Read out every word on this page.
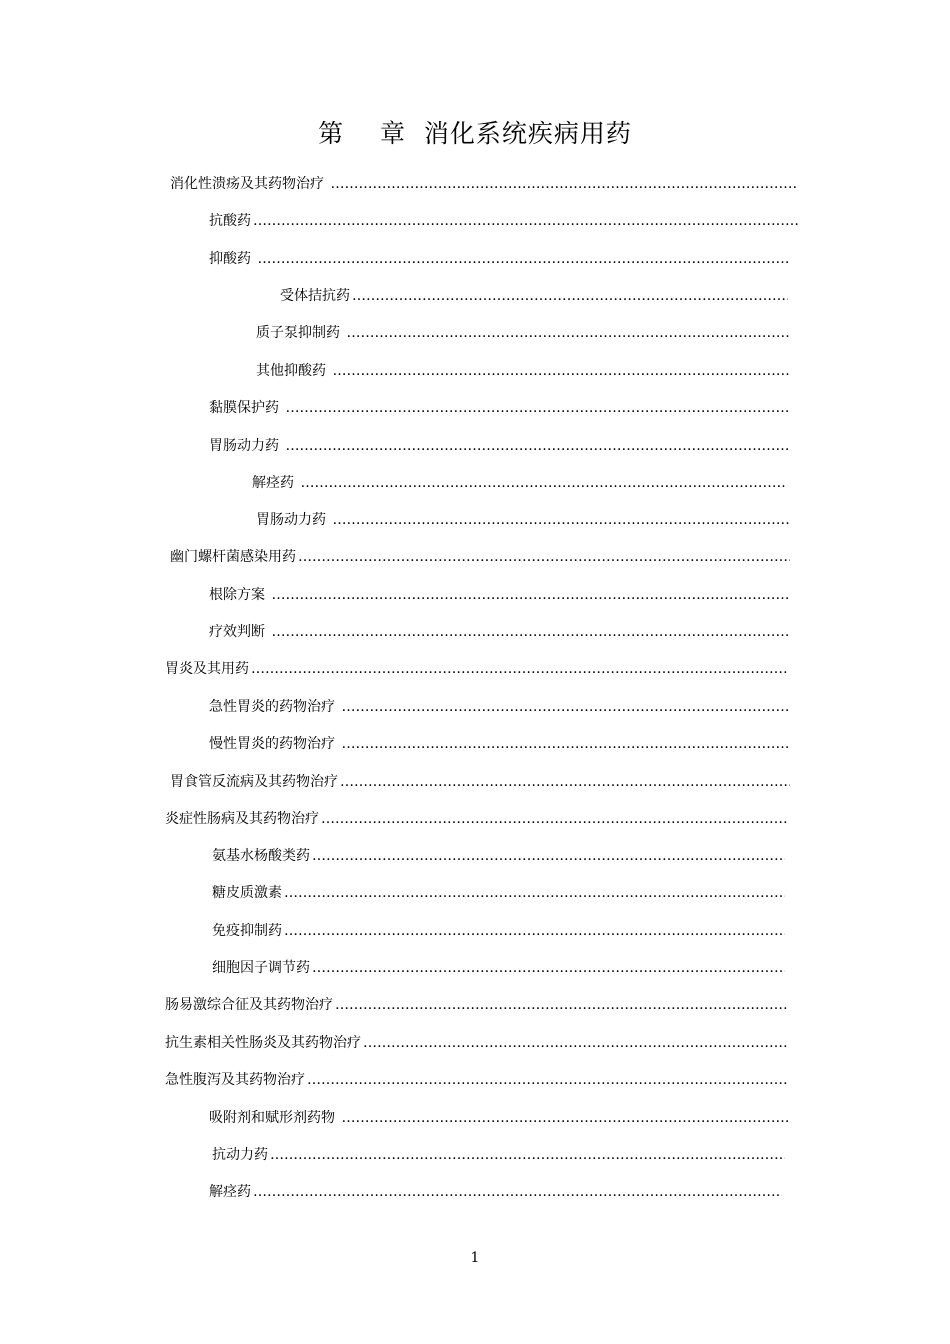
第    章  消化系统疾病用药
消化性溃疡及其药物治疗
……………………………………………………………………………………………………………………………………………………………………………………………………………………
抗酸药
……………………………………………………………………………………………………………………………………………………………………………………………………………………
抑酸药
……………………………………………………………………………………………………………………………………………………………………………………………………………………
受体拮抗药
……………………………………………………………………………………………………………………………………………………………………………………………………………………
质子泵抑制药
……………………………………………………………………………………………………………………………………………………………………………………………………………………
其他抑酸药
……………………………………………………………………………………………………………………………………………………………………………………………………………………
黏膜保护药
……………………………………………………………………………………………………………………………………………………………………………………………………………………
胃肠动力药
……………………………………………………………………………………………………………………………………………………………………………………………………………………
解痉药
……………………………………………………………………………………………………………………………………………………………………………………………………………………
胃肠动力药
……………………………………………………………………………………………………………………………………………………………………………………………………………………
幽门螺杆菌感染用药
……………………………………………………………………………………………………………………………………………………………………………………………………………………
根除方案
……………………………………………………………………………………………………………………………………………………………………………………………………………………
疗效判断
……………………………………………………………………………………………………………………………………………………………………………………………………………………
胃炎及其用药
……………………………………………………………………………………………………………………………………………………………………………………………………………………
急性胃炎的药物治疗
……………………………………………………………………………………………………………………………………………………………………………………………………………………
慢性胃炎的药物治疗
……………………………………………………………………………………………………………………………………………………………………………………………………………………
胃食管反流病及其药物治疗
……………………………………………………………………………………………………………………………………………………………………………………………………………………
炎症性肠病及其药物治疗
……………………………………………………………………………………………………………………………………………………………………………………………………………………
氨基水杨酸类药
……………………………………………………………………………………………………………………………………………………………………………………………………………………
糖皮质激素
……………………………………………………………………………………………………………………………………………………………………………………………………………………
免疫抑制药
……………………………………………………………………………………………………………………………………………………………………………………………………………………
细胞因子调节药
……………………………………………………………………………………………………………………………………………………………………………………………………………………
肠易激综合征及其药物治疗
……………………………………………………………………………………………………………………………………………………………………………………………………………………
抗生素相关性肠炎及其药物治疗
……………………………………………………………………………………………………………………………………………………………………………………………………………………
急性腹泻及其药物治疗
……………………………………………………………………………………………………………………………………………………………………………………………………………………
吸附剂和赋形剂药物
……………………………………………………………………………………………………………………………………………………………………………………………………………………
抗动力药
……………………………………………………………………………………………………………………………………………………………………………………………………………………
解痉药
……………………………………………………………………………………………………………………………………………………………………………………………………………………
1
